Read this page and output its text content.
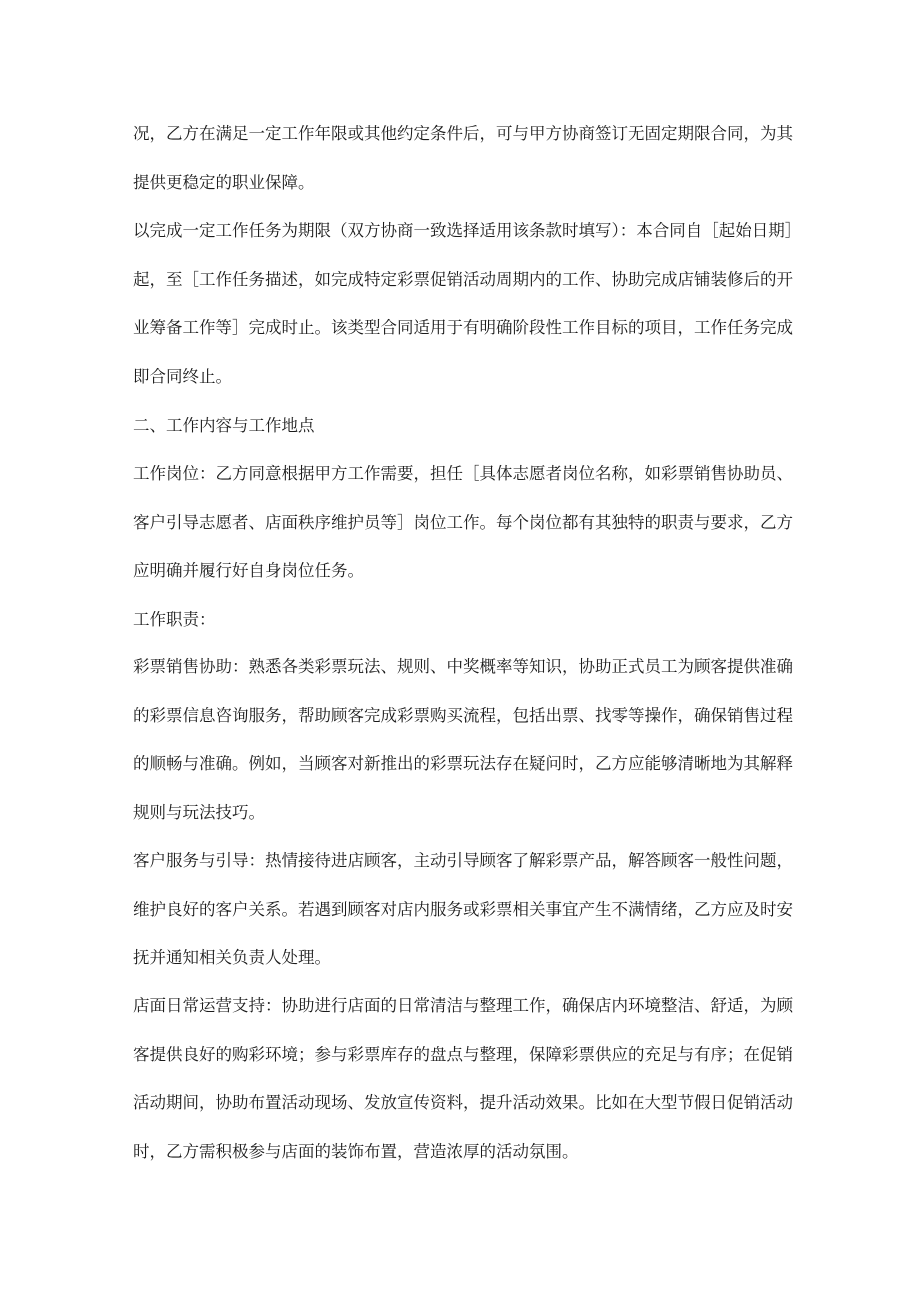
况，乙方在满足一定工作年限或其他约定条件后，可与甲方协商签订无固定期限合同，为其提供更稳定的职业保障。

以完成一定工作任务为期限（双方协商一致选择适用该条款时填写）：本合同自［起始日期］起，至［工作任务描述，如完成特定彩票促销活动周期内的工作、协助完成店铺装修后的开业筹备工作等］完成时止。该类型合同适用于有明确阶段性工作目标的项目，工作任务完成即合同终止。

二、工作内容与工作地点

工作岗位：乙方同意根据甲方工作需要，担任［具体志愿者岗位名称，如彩票销售协助员、客户引导志愿者、店面秩序维护员等］岗位工作。每个岗位都有其独特的职责与要求，乙方应明确并履行好自身岗位任务。

工作职责：

彩票销售协助：熟悉各类彩票玩法、规则、中奖概率等知识，协助正式员工为顾客提供准确的彩票信息咨询服务，帮助顾客完成彩票购买流程，包括出票、找零等操作，确保销售过程的顺畅与准确。例如，当顾客对新推出的彩票玩法存在疑问时，乙方应能够清晰地为其解释规则与玩法技巧。

客户服务与引导：热情接待进店顾客，主动引导顾客了解彩票产品，解答顾客一般性问题，维护良好的客户关系。若遇到顾客对店内服务或彩票相关事宜产生不满情绪，乙方应及时安抚并通知相关负责人处理。

店面日常运营支持：协助进行店面的日常清洁与整理工作，确保店内环境整洁、舒适，为顾客提供良好的购彩环境；参与彩票库存的盘点与整理，保障彩票供应的充足与有序；在促销活动期间，协助布置活动现场、发放宣传资料，提升活动效果。比如在大型节假日促销活动时，乙方需积极参与店面的装饰布置，营造浓厚的活动氛围。
